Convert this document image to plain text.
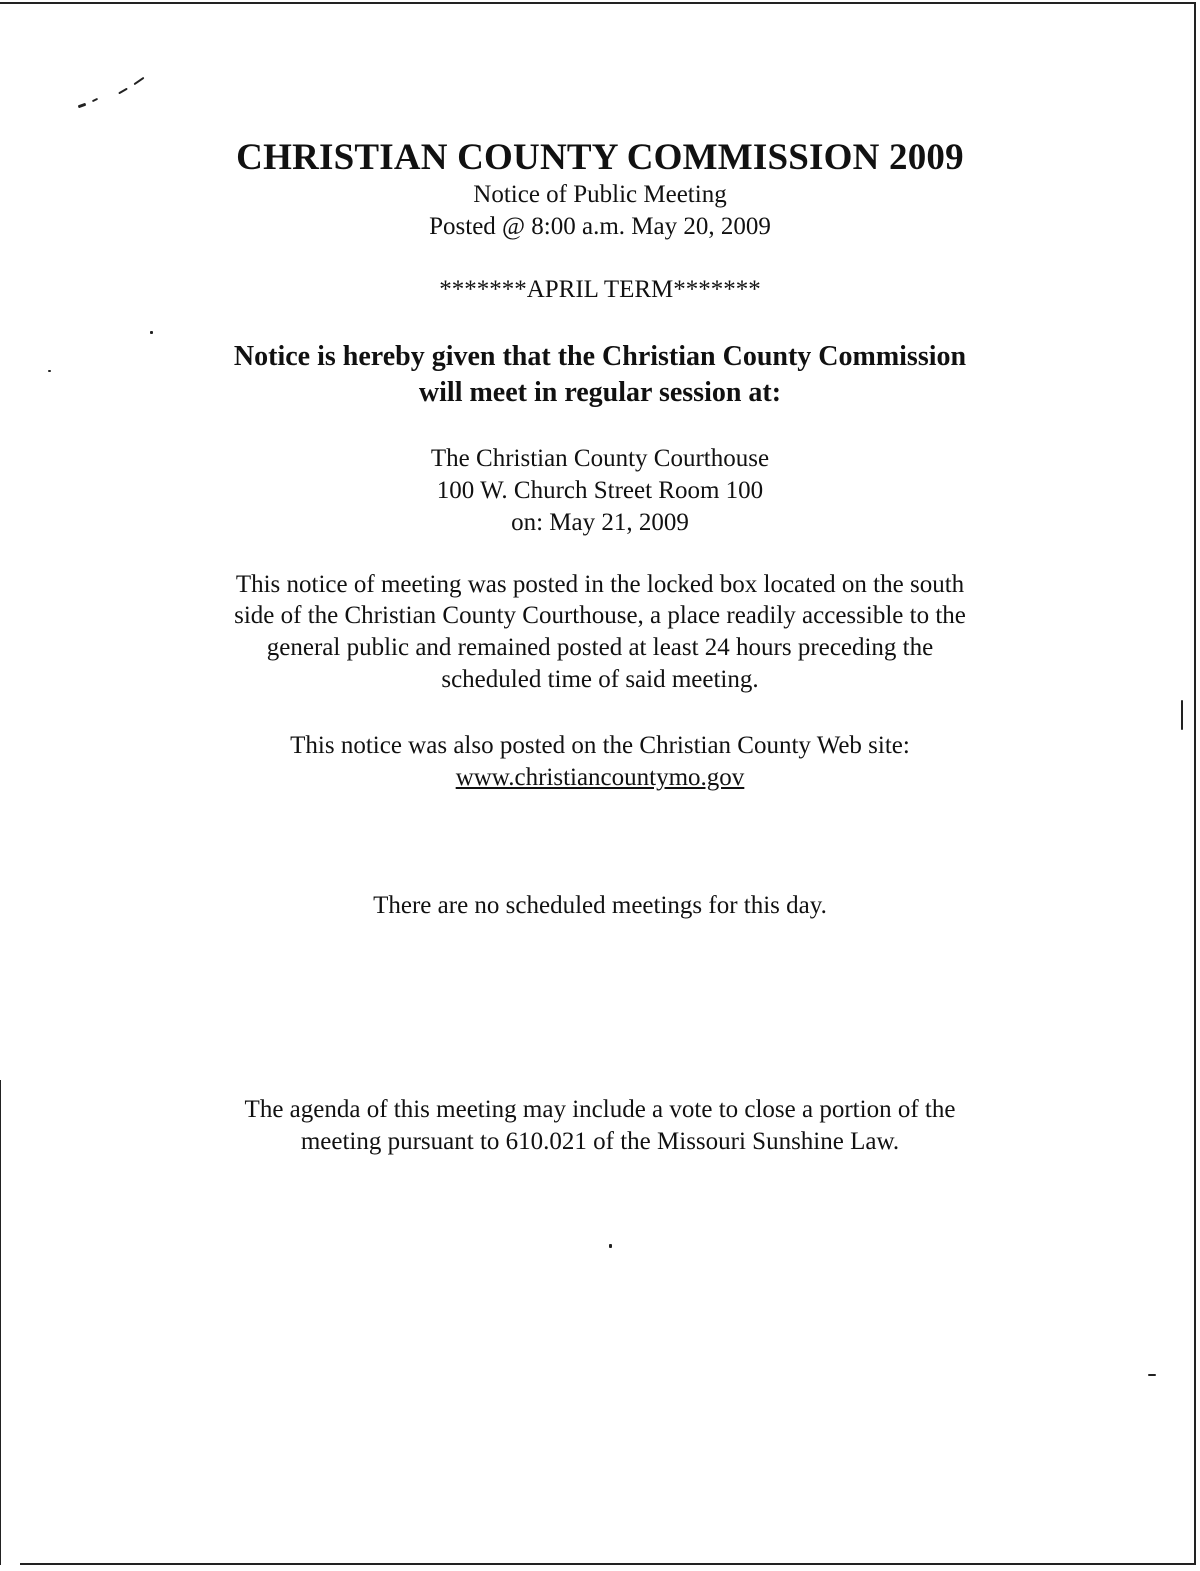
CHRISTIAN COUNTY COMMISSION 2009
Notice of Public Meeting
Posted @ 8:00 a.m. May 20, 2009
*******APRIL TERM*******
Notice is hereby given that the Christian County Commission
will meet in regular session at:
The Christian County Courthouse
100 W. Church Street Room 100
on: May 21, 2009
This notice of meeting was posted in the locked box located on the south
side of the Christian County Courthouse, a place readily accessible to the
general public and remained posted at least 24 hours preceding the
scheduled time of said meeting.
This notice was also posted on the Christian County Web site:
www.christiancountymo.gov
There are no scheduled meetings for this day.
The agenda of this meeting may include a vote to close a portion of the
meeting pursuant to 610.021 of the Missouri Sunshine Law.
